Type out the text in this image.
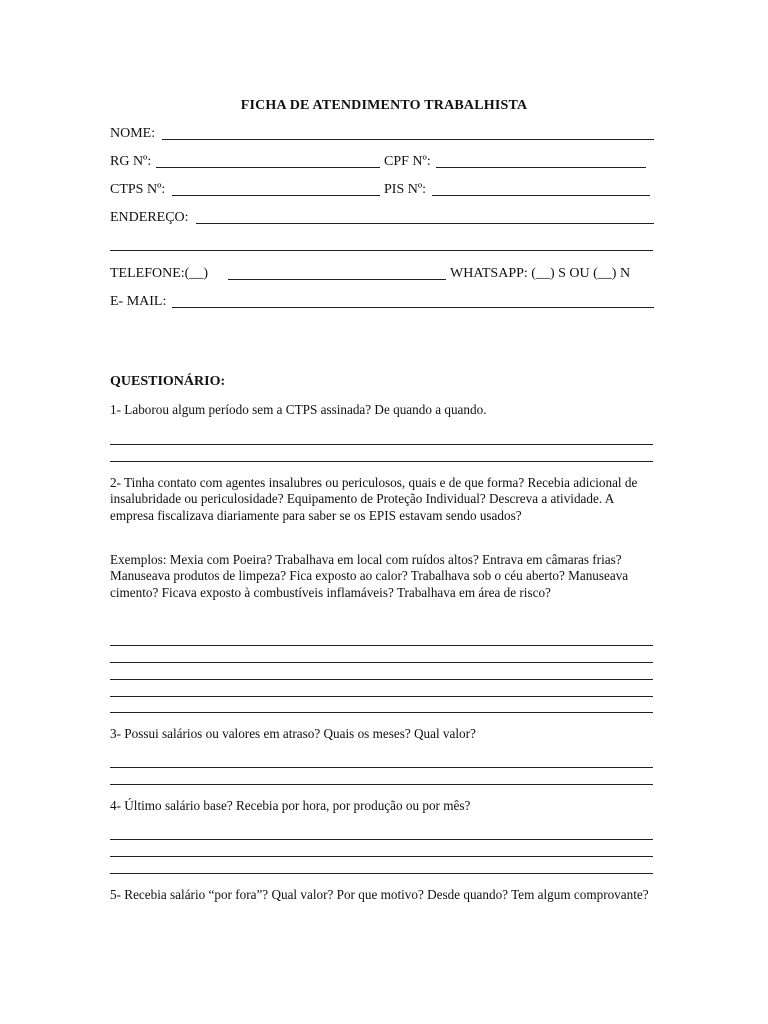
FICHA DE ATENDIMENTO TRABALHISTA
NOME:
RG Nº:	CPF Nº:
CTPS Nº:	PIS Nº:
ENDEREÇO:
TELEFONE:(__)	WHATSAPP: (__) S OU (__) N
E- MAIL:
QUESTIONÁRIO:
1- Laborou algum período sem a CTPS assinada? De quando a quando.
2- Tinha contato com agentes insalubres ou periculosos, quais e de que forma? Recebia adicional de insalubridade ou periculosidade? Equipamento de Proteção Individual? Descreva a atividade. A empresa fiscalizava diariamente para saber se os EPIS estavam sendo usados?
Exemplos: Mexia com Poeira? Trabalhava em local com ruídos altos? Entrava em câmaras frias? Manuseava produtos de limpeza? Fica exposto ao calor? Trabalhava sob o céu aberto? Manuseava cimento? Ficava exposto à combustíveis inflamáveis? Trabalhava em área de risco?
3- Possui salários ou valores em atraso? Quais os meses? Qual valor?
4- Último salário base? Recebia por hora, por produção ou por mês?
5- Recebia salário “por fora”? Qual valor? Por que motivo? Desde quando? Tem algum comprovante?
